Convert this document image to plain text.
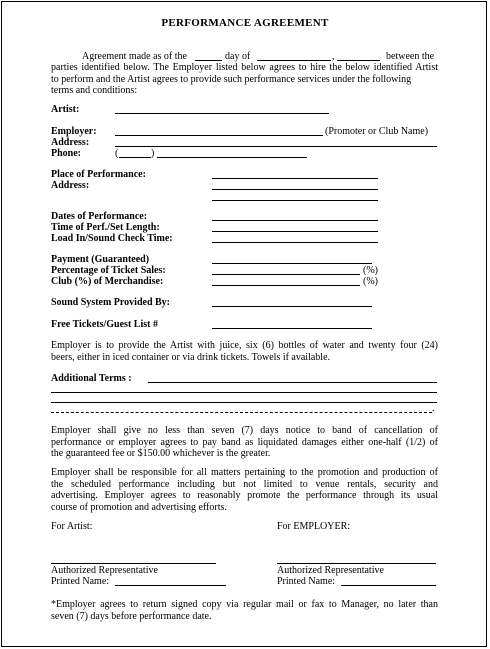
PERFORMANCE AGREEMENT
Agreement made as of the	day of	,	between the
parties identified below. The Employer listed below agrees to hire the below identified Artist
to perform and the Artist agrees to provide such performance services under the following
terms and conditions:
Artist:
Employer:	(Promoter or Club Name)
Address:
Phone:	(	)
Place of Performance:
Address:
Dates of Performance:
Time of Perf./Set Length:
Load In/Sound Check Time:
Payment (Guaranteed)
Percentage of Ticket Sales:	(%)
Club (%) of Merchandise:	(%)
Sound System Provided By:
Free Tickets/Guest List #
Employer is to provide the Artist with juice, six (6) bottles of water and twenty four (24)
beers, either in iced container or via drink tickets. Towels if available.
Additional Terms :
.
Employer shall give no less than seven (7) days notice to band of cancellation of
performance or employer agrees to pay band as liquidated damages either one-half (1/2) of
the guaranteed fee or $150.00 whichever is the greater.
Employer shall be responsible for all matters pertaining to the promotion and production of
the scheduled performance including but not limited to venue rentals, security and
advertising. Employer agrees to reasonably promote the performance through its usual
course of promotion and advertising efforts.
For Artist:	For EMPLOYER:
Authorized Representative	Authorized Representative
Printed Name:	Printed Name:
*Employer agrees to return signed copy via regular mail or fax to Manager, no later than
seven (7) days before performance date.
